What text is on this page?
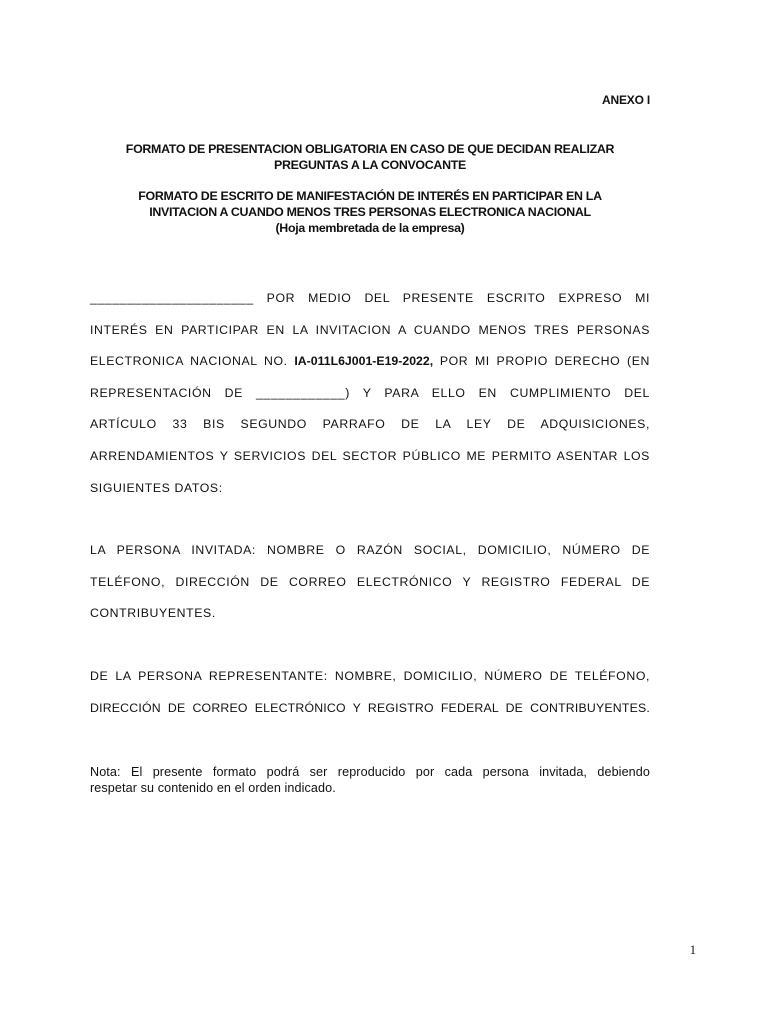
ANEXO I
FORMATO DE PRESENTACION OBLIGATORIA EN CASO DE QUE DECIDAN REALIZAR
PREGUNTAS A LA CONVOCANTE
FORMATO DE ESCRITO DE MANIFESTACIÓN DE INTERÉS EN PARTICIPAR EN LA
INVITACION A CUANDO MENOS TRES PERSONAS ELECTRONICA NACIONAL
(Hoja membretada de la empresa)
______________________ POR MEDIO DEL PRESENTE ESCRITO EXPRESO MI
INTERÉS EN PARTICIPAR EN LA INVITACION A CUANDO MENOS TRES PERSONAS
ELECTRONICA NACIONAL NO. IA-011L6J001-E19-2022, POR MI PROPIO DERECHO (EN
REPRESENTACIÓN DE ____________) Y PARA ELLO EN CUMPLIMIENTO DEL
ARTÍCULO 33 BIS SEGUNDO PARRAFO DE LA LEY DE ADQUISICIONES,
ARRENDAMIENTOS Y SERVICIOS DEL SECTOR PÚBLICO ME PERMITO ASENTAR LOS
SIGUIENTES DATOS:
LA PERSONA INVITADA: NOMBRE O RAZÓN SOCIAL, DOMICILIO, NÚMERO DE
TELÉFONO, DIRECCIÓN DE CORREO ELECTRÓNICO Y REGISTRO FEDERAL DE
CONTRIBUYENTES.
DE LA PERSONA REPRESENTANTE: NOMBRE, DOMICILIO, NÚMERO DE TELÉFONO,
DIRECCIÓN DE CORREO ELECTRÓNICO Y REGISTRO FEDERAL DE CONTRIBUYENTES.
Nota: El presente formato podrá ser reproducido por cada persona invitada, debiendo
respetar su contenido en el orden indicado.
1
